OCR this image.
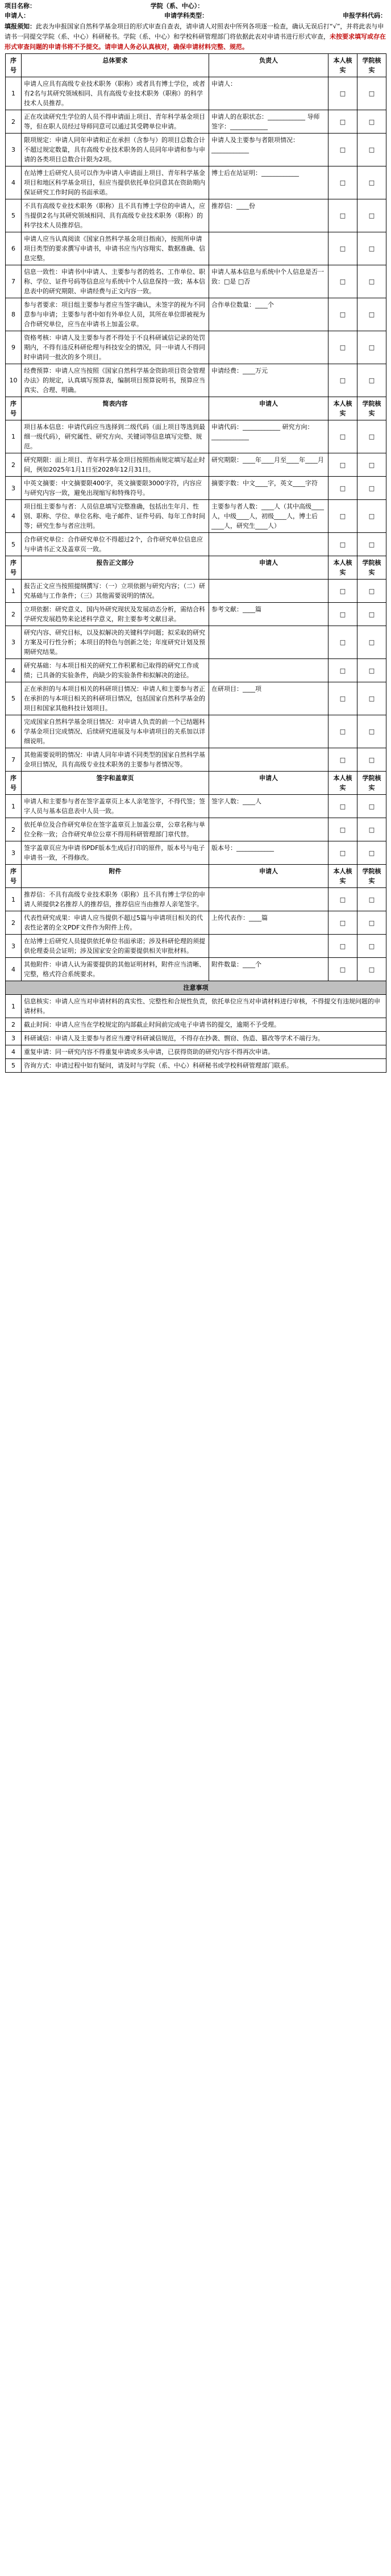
项目名称：	学院（系、中心）：
申请人：	申请学科类型：	申报学科代码：
填报须知：此表为申报国家自然科学基金项目的形式审查自查表，请申请人对照表中所列各项逐一检查，确认无误后打“√”，并将此表与申请书一同提交学院（系、中心）科研秘书。学院（系、中心）和学校科研管理部门将依据此表对申请书进行形式审查，未按要求填写或存在形式审查问题的申请书将不予提交。请申请人务必认真核对，确保申请材料完整、规范。
序号	总体要求	负责人	本人核实	学院核实
1	申请人应具有高级专业技术职务（职称）或者具有博士学位，或者有2名与其研究领域相同、具有高级专业技术职务（职称）的科学技术人员推荐。	申请人：	□	□
2	正在攻读研究生学位的人员不得申请面上项目、青年科学基金项目等，但在职人员经过导师同意可以通过其受聘单位申请。	申请人的在职状态：____________ 导师签字：____________	□	□
3	限项规定：申请人同年申请和正在承担（含参与）的项目总数合计不超过规定数量，具有高级专业技术职务的人员同年申请和参与申请的各类项目总数合计限为2项。	申请人及主要参与者限项情况：____________	□	□
4	在站博士后研究人员可以作为申请人申请面上项目、青年科学基金项目和地区科学基金项目，但应当提供依托单位同意其在资助期内保证研究工作时间的书面承诺。	博士后在站证明：____________	□	□
5	不具有高级专业技术职务（职称）且不具有博士学位的申请人，应当提供2名与其研究领域相同、具有高级专业技术职务（职称）的科学技术人员推荐信。	推荐信：____份	□	□
6	申请人应当认真阅读《国家自然科学基金项目指南》，按照所申请项目类型的要求撰写申请书，申请书应当内容翔实、数据准确、信息完整。		□	□
7	信息一致性：申请书中申请人、主要参与者的姓名、工作单位、职称、学位、证件号码等信息应与系统中个人信息保持一致；基本信息表中的研究期限、申请经费与正文内容一致。	申请人基本信息与系统中个人信息是否一致：□是 □否	□	□
8	参与者要求：项目组主要参与者应当签字确认，未签字的视为不同意参与申请；主要参与者中如有外单位人员，其所在单位即被视为合作研究单位，应当在申请书上加盖公章。	合作单位数量：____个	□	□
9	资格考核：申请人及主要参与者不得处于不良科研诚信记录的处罚期内，不得有违反科研伦理与科技安全的情况，同一申请人不得同时申请同一批次的多个项目。		□	□
10	经费预算：申请人应当按照《国家自然科学基金资助项目资金管理办法》的规定，认真填写预算表，编制项目预算说明书，预算应当真实、合理、明确。	申请经费：____万元	□	□
序号	简表内容	申请人	本人核实	学院核实
1	项目基本信息：申请代码应当选择到二级代码（面上项目等选到最细一级代码），研究属性、研究方向、关键词等信息填写完整、规范。	申请代码：____________ 研究方向：____________	□	□
2	研究期限：面上项目、青年科学基金项目按照指南规定填写起止时间，例如2025年1月1日至2028年12月31日。	研究期限：____年____月至____年____月	□	□
3	中英文摘要：中文摘要限400字，英文摘要限3000字符，内容应与研究内容一致，避免出现缩写和特殊符号。	摘要字数：中文____字，英文____字符	□	□
4	项目组主要参与者：人员信息填写完整准确，包括出生年月、性别、职称、学位、单位名称、电子邮件、证件号码、每年工作时间等；研究生参与者应注明。	主要参与者人数：____人（其中高级____人，中级____人，初级____人，博士后____人，研究生____人）	□	□
5	合作研究单位：合作研究单位不得超过2个，合作研究单位信息应与申请书正文及盖章页一致。		□	□
序号	报告正文部分	申请人	本人核实	学院核实
1	报告正文应当按照提纲撰写：（一）立项依据与研究内容；（二）研究基础与工作条件；（三）其他需要说明的情况。		□	□
2	立项依据：研究意义、国内外研究现状及发展动态分析，需结合科学研究发展趋势来论述科学意义，附主要参考文献目录。	参考文献：____篇	□	□
3	研究内容、研究目标，以及拟解决的关键科学问题；拟采取的研究方案及可行性分析；本项目的特色与创新之处；年度研究计划及预期研究结果。		□	□
4	研究基础：与本项目相关的研究工作积累和已取得的研究工作成绩；已具备的实验条件，尚缺少的实验条件和拟解决的途径。		□	□
5	正在承担的与本项目相关的科研项目情况：申请人和主要参与者正在承担的与本项目相关的科研项目情况，包括国家自然科学基金的项目和国家其他科技计划项目。	在研项目：____项	□	□
6	完成国家自然科学基金项目情况：对申请人负责的前一个已结题科学基金项目完成情况、后续研究进展及与本申请项目的关系加以详细说明。		□	□
7	其他需要说明的情况：申请人同年申请不同类型的国家自然科学基金项目情况，具有高级专业技术职务的主要参与者情况等。		□	□
序号	签字和盖章页	申请人	本人核实	学院核实
1	申请人和主要参与者在签字盖章页上本人亲笔签字，不得代签；签字人员与基本信息表中人员一致。	签字人数：____人	□	□
2	依托单位及合作研究单位在签字盖章页上加盖公章，公章名称与单位全称一致；合作研究单位公章不得用科研管理部门章代替。		□	□
3	签字盖章页应为申请书PDF版本生成后打印的原件，版本号与电子申请书一致，不得修改。	版本号：____________	□	□
序号	附件	申请人	本人核实	学院核实
1	推荐信：不具有高级专业技术职务（职称）且不具有博士学位的申请人须提供2名推荐人的推荐信，推荐信应当由推荐人亲笔签字。		□	□
2	代表性研究成果：申请人应当提供不超过5篇与申请项目相关的代表性论著的全文PDF文件作为附件上传。	上传代表作：____篇	□	□
3	在站博士后研究人员提供依托单位书面承诺；涉及科研伦理的须提供伦理委员会证明；涉及国家安全的需要提供相关审批材料。		□	□
4	其他附件：申请人认为需要提供的其他证明材料，附件应当清晰、完整，格式符合系统要求。	附件数量：____个	□	□
注意事项				
1	信息核实：申请人应当对申请材料的真实性、完整性和合规性负责，依托单位应当对申请材料进行审核，不得提交有违规问题的申请材料。			
2	截止时间：申请人应当在学校规定的内部截止时间前完成电子申请书的提交，逾期不予受理。			
3	科研诚信：申请人及主要参与者应当遵守科研诚信规范，不得存在抄袭、剽窃、伪造、篡改等学术不端行为。			
4	重复申请：同一研究内容不得重复申请或多头申请，已获得资助的研究内容不得再次申请。			
5	咨询方式：申请过程中如有疑问，请及时与学院（系、中心）科研秘书或学校科研管理部门联系。			
